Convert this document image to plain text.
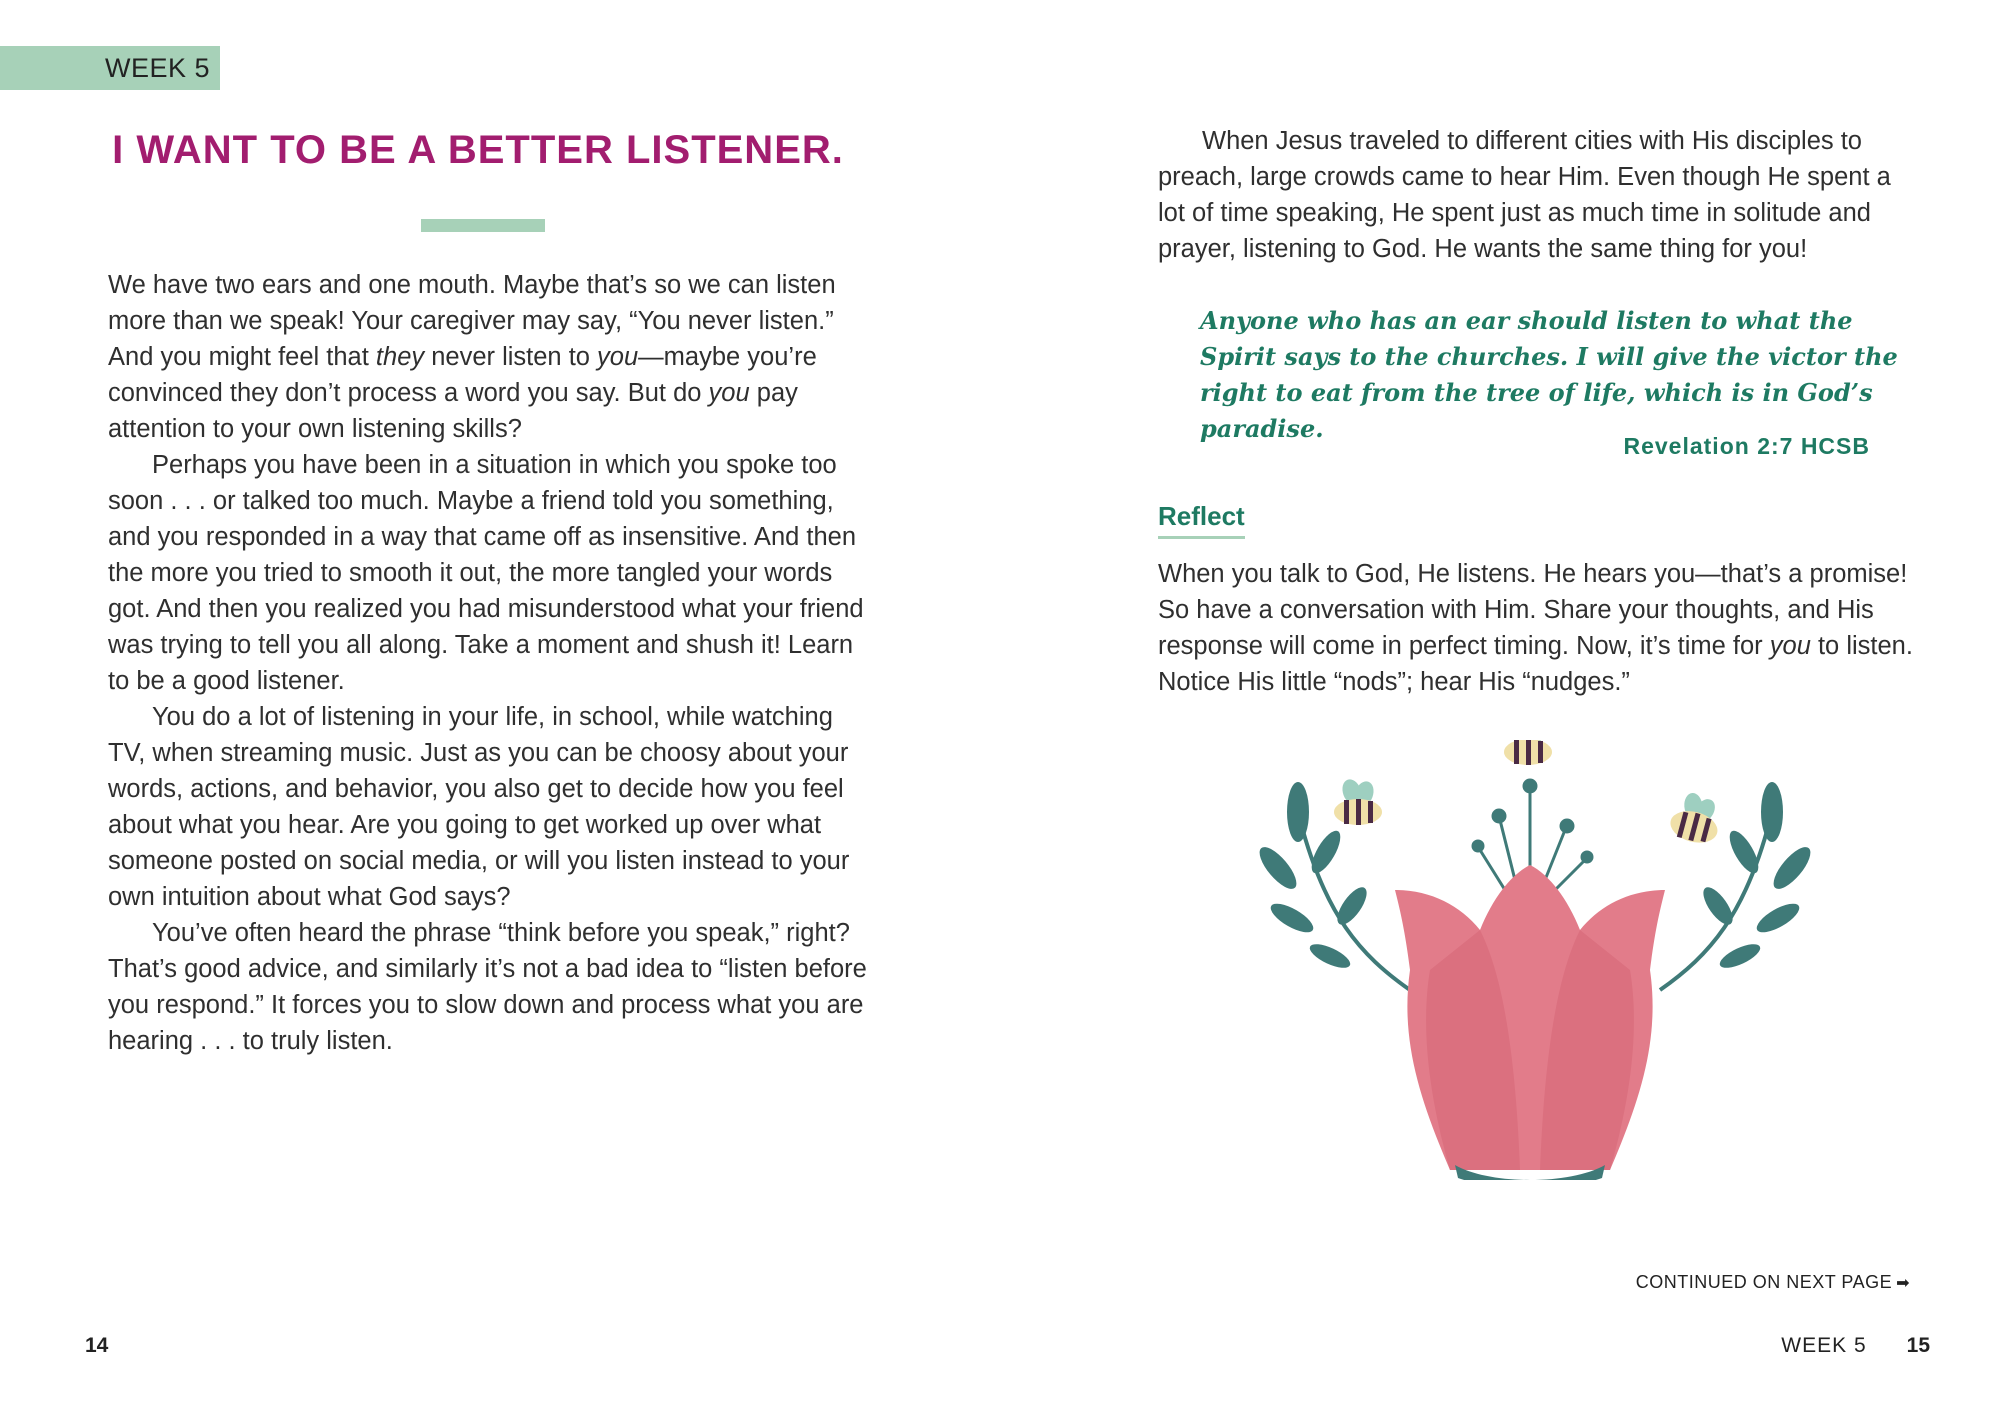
WEEK 5
I WANT TO BE A BETTER LISTENER.

We have two ears and one mouth. Maybe that’s so we can listen more than we speak! Your caregiver may say, “You never listen.” And you might feel that they never listen to you—maybe you’re convinced they don’t process a word you say. But do you pay attention to your own listening skills?

Perhaps you have been in a situation in which you spoke too soon . . . or talked too much. Maybe a friend told you something, and you responded in a way that came off as insensitive. And then the more you tried to smooth it out, the more tangled your words got. And then you realized you had misunderstood what your friend was trying to tell you all along. Take a moment and shush it! Learn to be a good listener.

You do a lot of listening in your life, in school, while watching TV, when streaming music. Just as you can be choosy about your words, actions, and behavior, you also get to decide how you feel about what you hear. Are you going to get worked up over what someone posted on social media, or will you listen instead to your own intuition about what God says?

You’ve often heard the phrase “think before you speak,” right? That’s good advice, and similarly it’s not a bad idea to “listen before you respond.” It forces you to slow down and process what you are hearing . . . to truly listen.

14

When Jesus traveled to different cities with His disciples to preach, large crowds came to hear Him. Even though He spent a lot of time speaking, He spent just as much time in solitude and prayer, listening to God. He wants the same thing for you!

Anyone who has an ear should listen to what the Spirit says to the churches. I will give the victor the right to eat from the tree of life, which is in God’s paradise.

Revelation 2:7 HCSB
Reflect

When you talk to God, He listens. He hears you—that’s a promise! So have a conversation with Him. Share your thoughts, and His response will come in perfect timing. Now, it’s time for you to listen. Notice His little “nods”; hear His “nudges.”

CONTINUED ON NEXT PAGE ➡
WEEK 5 15
